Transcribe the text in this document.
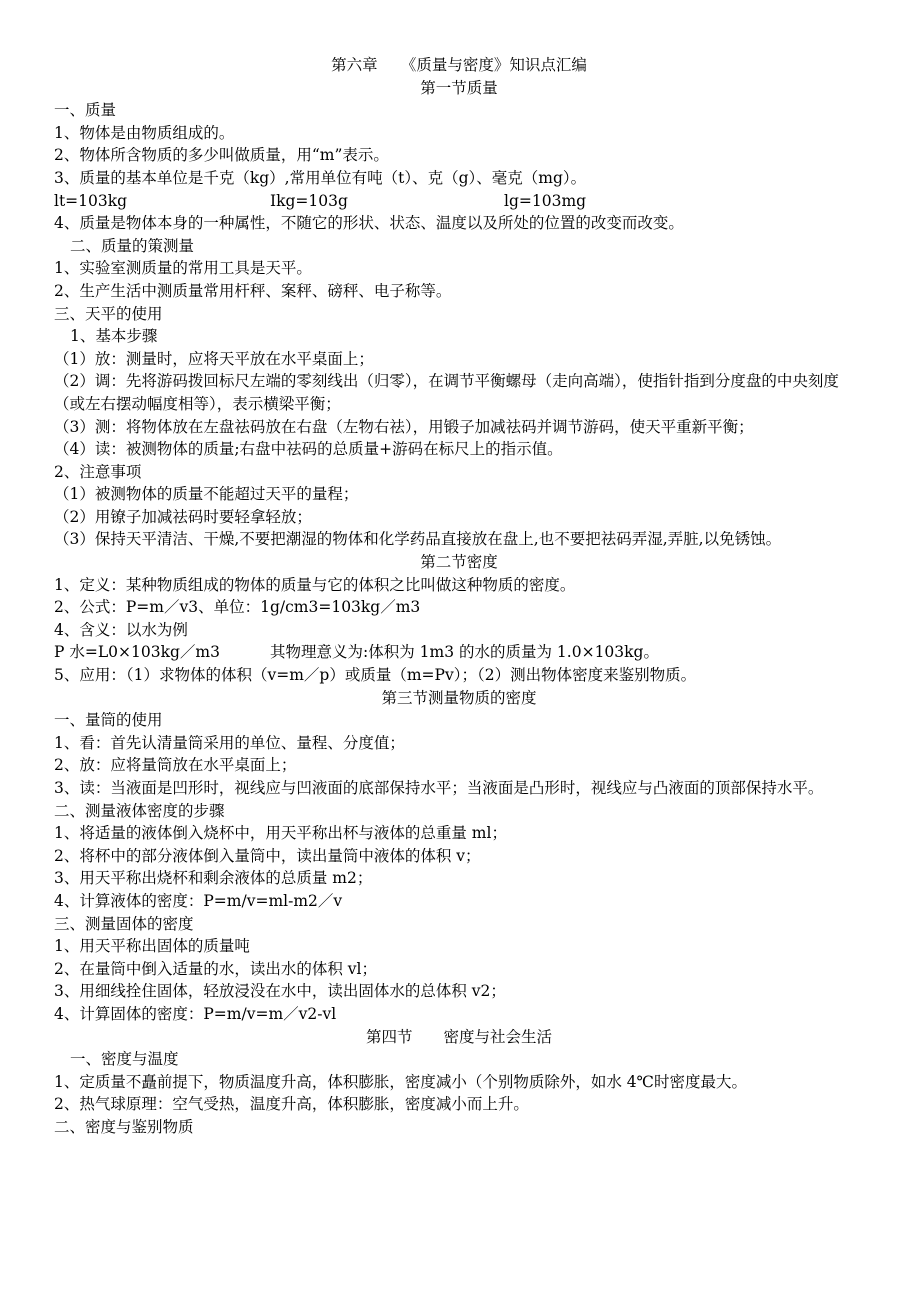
第六章　　《质量与密度》知识点汇编

第一节质量

一、质量

1、物体是由物质组成的。

2、物体所含物质的多少叫做质量，用“m”表示。

3、质量的基本单位是千克（kg）,常用单位有吨（t）、克（g）、毫克（mg）。

lt=103kg	Ikg=103g	lg=103mg

4、质量是物体本身的一种属性，不随它的形状、状态、温度以及所处的位置的改变而改变。

二、质量的策测量

1、实验室测质量的常用工具是天平。

2、生产生活中测质量常用杆秤、案秤、磅秤、电子称等。

三、天平的使用

1、基本步骤

（1）放：测量时，应将天平放在水平桌面上；

（2）调：先将游码拨回标尺左端的零刻线出（归零），在调节平衡螺母（走向高端），使指针指到分度盘的中央刻度（或左右摆动幅度相等），表示横梁平衡；

（3）测：将物体放在左盘祛码放在右盘（左物右祛），用锻子加减祛码并调节游码，使天平重新平衡；

（4）读：被测物体的质量;右盘中祛码的总质量+游码在标尺上的指示值。

2、注意事项

（1）被测物体的质量不能超过天平的量程；

（2）用镣子加减祛码时要轻拿轻放；

（3）保持天平清洁、干燥,不要把潮湿的物体和化学药品直接放在盘上,也不要把祛码弄湿,弄脏,以免锈蚀。

第二节密度

1、定义：某种物质组成的物体的质量与它的体积之比叫做这种物质的密度。

2、公式：P=m／v3、单位：1g/cm3=103kg／m3

4、含义：以水为例

P 水=L0×103kg／m3	其物理意义为:体积为 1m3 的水的质量为 1.0×103kg。

5、应用：（1）求物体的体积（v=m／p）或质量（m=Pv）；（2）测出物体密度来鉴别物质。

第三节测量物质的密度

一、量筒的使用

1、看：首先认清量筒采用的单位、量程、分度值；

2、放：应将量筒放在水平桌面上；

3、读：当液面是凹形时，视线应与凹液面的底部保持水平；当液面是凸形时，视线应与凸液面的顶部保持水平。

二、测量液体密度的步骤

1、将适量的液体倒入烧杯中，用天平称出杯与液体的总重量 ml；

2、将杯中的部分液体倒入量筒中，读出量筒中液体的体积 v；

3、用天平称出烧杯和剩余液体的总质量 m2；

4、计算液体的密度：P=m/v=ml-m2／v

三、测量固体的密度

1、用天平称出固体的质量吨

2、在量筒中倒入适量的水，读出水的体积 vl；

3、用细线拴住固体，轻放浸没在水中，读出固体水的总体积 v2；

4、计算固体的密度：P=m/v=m／v2-vl

第四节　　密度与社会生活

一、密度与温度

1、定质量不矗前提下，物质温度升高，体积膨胀，密度减小（个别物质除外，如水 4℃时密度最大。

2、热气球原理：空气受热，温度升高，体积膨胀，密度减小而上升。

二、密度与鉴别物质
